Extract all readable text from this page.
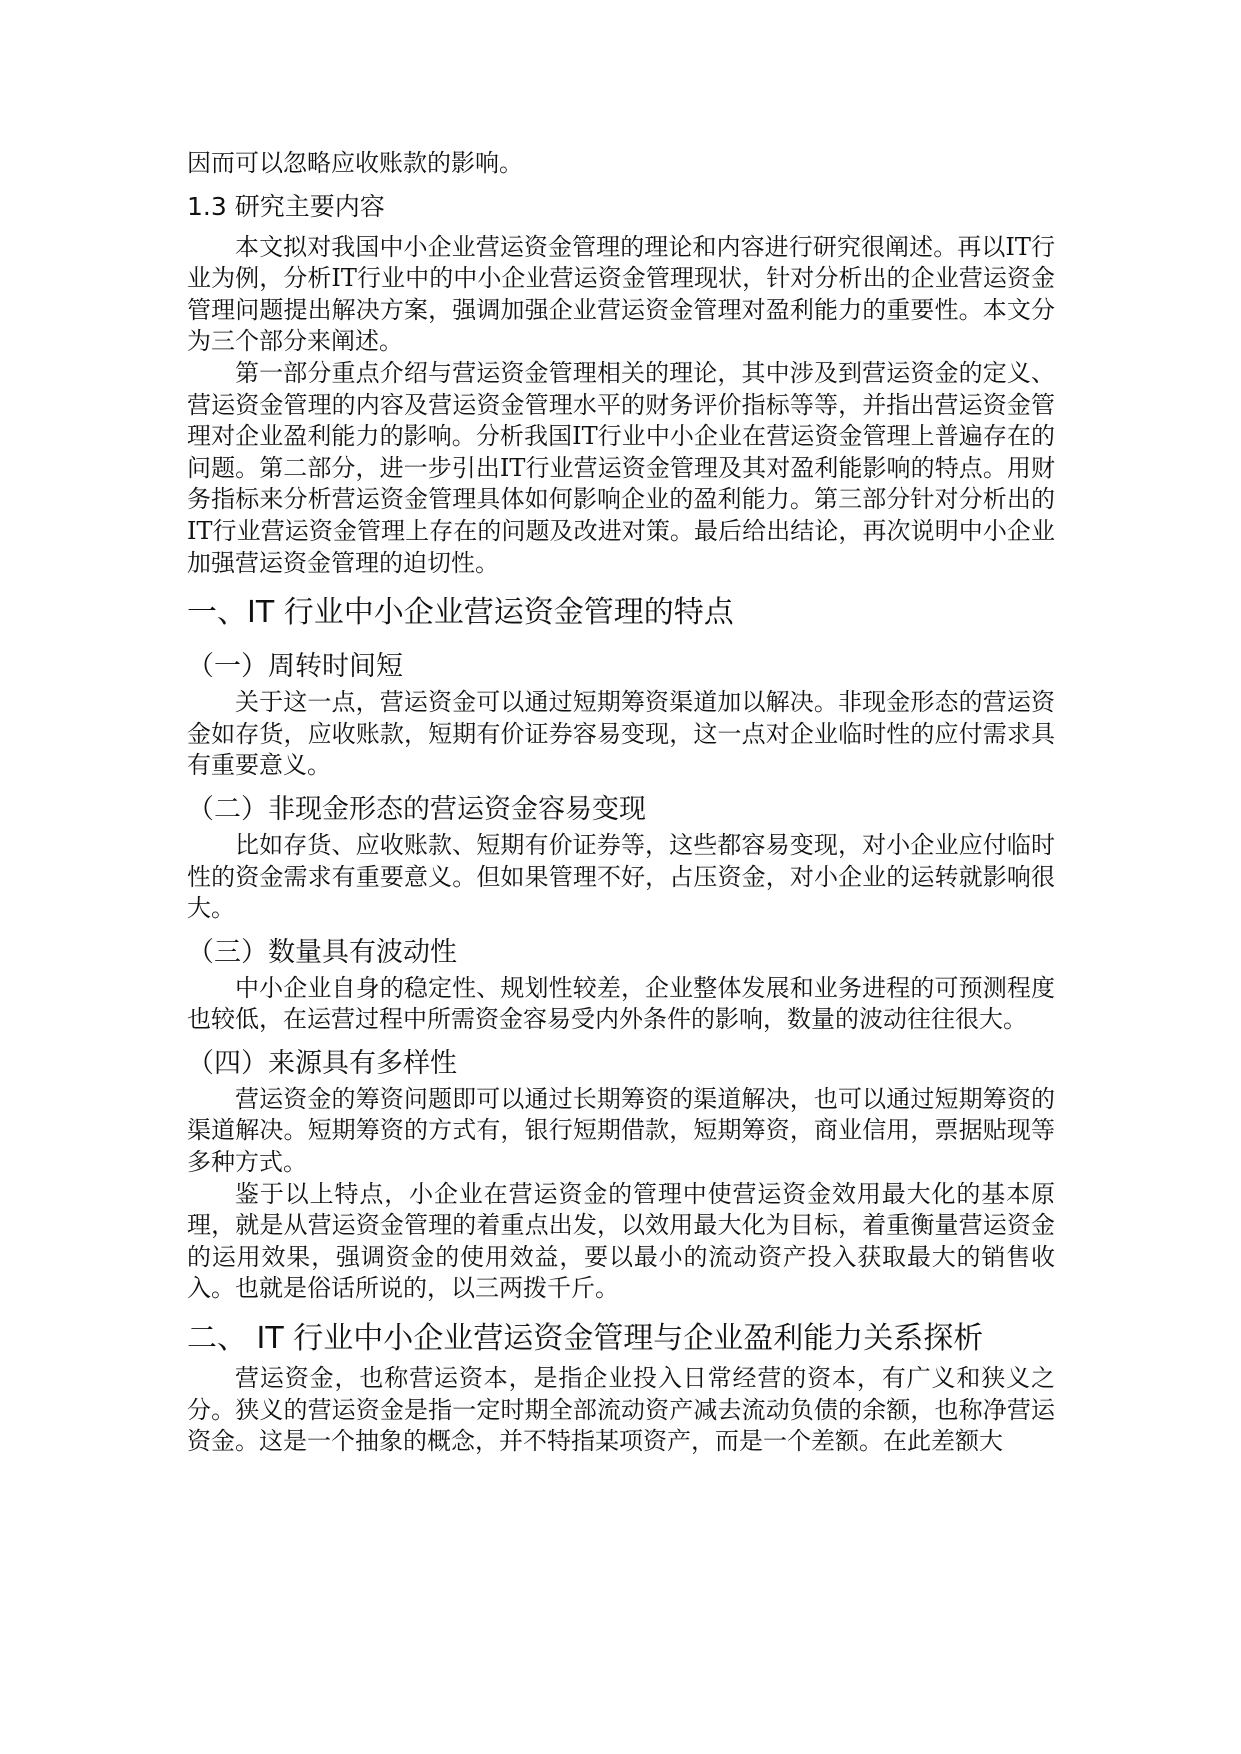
因而可以忽略应收账款的影响。

1.3 研究主要内容

本文拟对我国中小企业营运资金管理的理论和内容进行研究很阐述。再以IT行业为例，分析IT行业中的中小企业营运资金管理现状，针对分析出的企业营运资金管理问题提出解决方案，强调加强企业营运资金管理对盈利能力的重要性。本文分为三个部分来阐述。

第一部分重点介绍与营运资金管理相关的理论，其中涉及到营运资金的定义、营运资金管理的内容及营运资金管理水平的财务评价指标等等，并指出营运资金管理对企业盈利能力的影响。分析我国IT行业中小企业在营运资金管理上普遍存在的问题。第二部分，进一步引出IT行业营运资金管理及其对盈利能影响的特点。用财务指标来分析营运资金管理具体如何影响企业的盈利能力。第三部分针对分析出的IT行业营运资金管理上存在的问题及改进对策。最后给出结论，再次说明中小企业加强营运资金管理的迫切性。

一、IT 行业中小企业营运资金管理的特点
（一）周转时间短

关于这一点，营运资金可以通过短期筹资渠道加以解决。非现金形态的营运资金如存货，应收账款，短期有价证券容易变现，这一点对企业临时性的应付需求具有重要意义。

（二）非现金形态的营运资金容易变现

比如存货、应收账款、短期有价证券等，这些都容易变现，对小企业应付临时性的资金需求有重要意义。但如果管理不好，占压资金，对小企业的运转就影响很大。

（三）数量具有波动性

中小企业自身的稳定性、规划性较差，企业整体发展和业务进程的可预测程度也较低，在运营过程中所需资金容易受内外条件的影响，数量的波动往往很大。

（四）来源具有多样性

营运资金的筹资问题即可以通过长期筹资的渠道解决，也可以通过短期筹资的渠道解决。短期筹资的方式有，银行短期借款，短期筹资，商业信用，票据贴现等多种方式。

鉴于以上特点，小企业在营运资金的管理中使营运资金效用最大化的基本原理，就是从营运资金管理的着重点出发，以效用最大化为目标，着重衡量营运资金的运用效果，强调资金的使用效益，要以最小的流动资产投入获取最大的销售收入。也就是俗话所说的，以三两拨千斤。

二、 IT 行业中小企业营运资金管理与企业盈利能力关系探析

营运资金，也称营运资本，是指企业投入日常经营的资本，有广义和狭义之分。狭义的营运资金是指一定时期全部流动资产减去流动负债的余额，也称净营运资金。这是一个抽象的概念，并不特指某项资产，而是一个差额。在此差额大
